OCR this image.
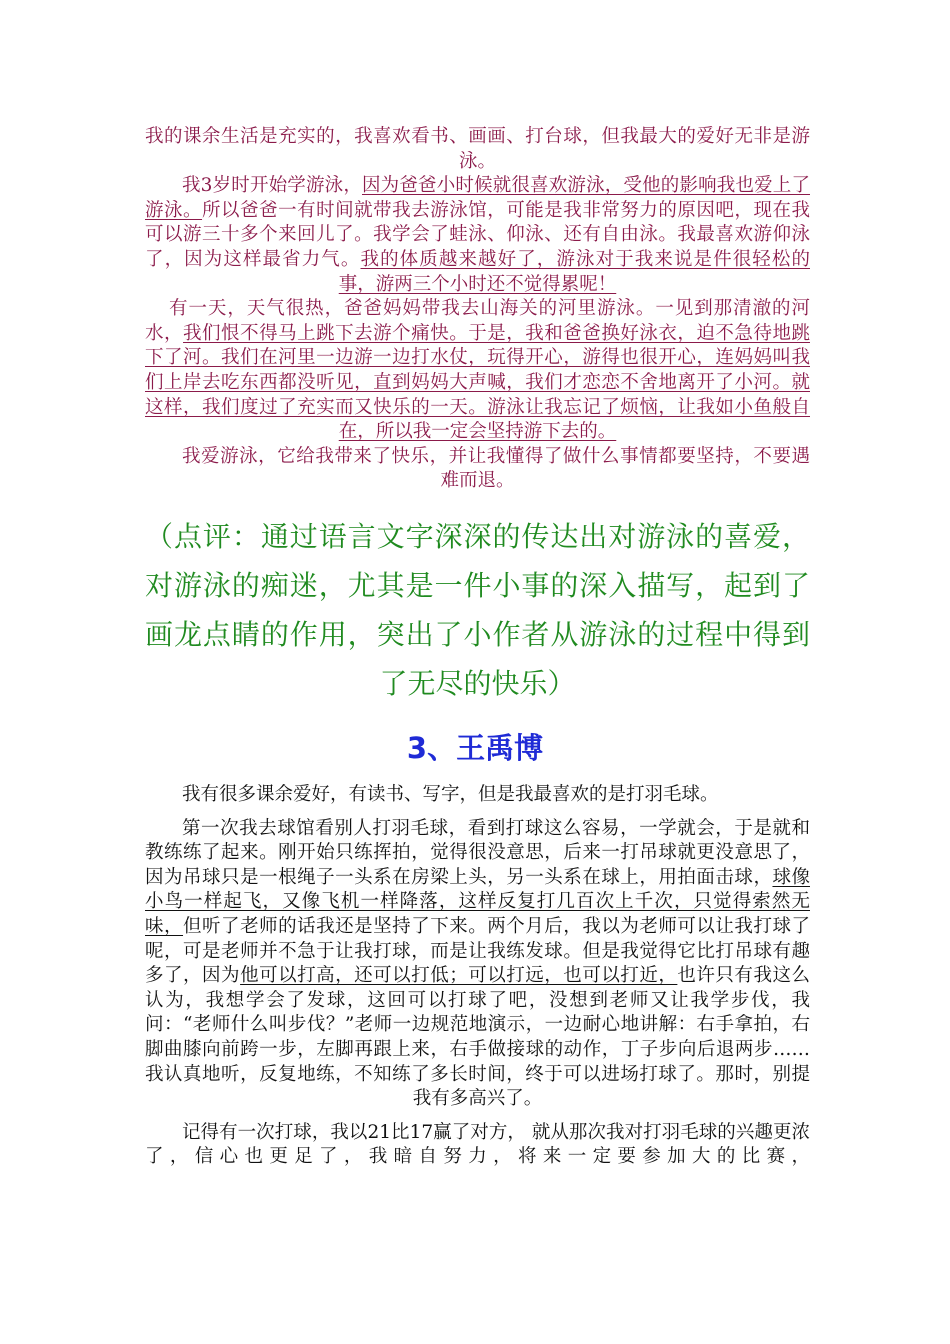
我的课余生活是充实的，我喜欢看书、画画、打台球，但我最大的爱好无非是游泳。

我3岁时开始学游泳，因为爸爸小时候就很喜欢游泳，受他的影响我也爱上了游泳。所以爸爸一有时间就带我去游泳馆，可能是我非常努力的原因吧，现在我可以游三十多个来回儿了。我学会了蛙泳、仰泳、还有自由泳。我最喜欢游仰泳了，因为这样最省力气。我的体质越来越好了，游泳对于我来说是件很轻松的事，游两三个小时还不觉得累呢！

有一天，天气很热，爸爸妈妈带我去山海关的河里游泳。一见到那清澈的河水，我们恨不得马上跳下去游个痛快。于是，我和爸爸换好泳衣，迫不急待地跳下了河。我们在河里一边游一边打水仗，玩得开心，游得也很开心，连妈妈叫我们上岸去吃东西都没听见，直到妈妈大声喊，我们才恋恋不舍地离开了小河。就这样，我们度过了充实而又快乐的一天。游泳让我忘记了烦恼，让我如小鱼般自在，所以我一定会坚持游下去的。

我爱游泳，它给我带来了快乐，并让我懂得了做什么事情都要坚持，不要遇难而退。

（点评：通过语言文字深深的传达出对游泳的喜爱，对游泳的痴迷，尤其是一件小事的深入描写，起到了画龙点睛的作用，突出了小作者从游泳的过程中得到了无尽的快乐）
3、王禹博

我有很多课余爱好，有读书、写字，但是我最喜欢的是打羽毛球。

第一次我去球馆看别人打羽毛球，看到打球这么容易，一学就会，于是就和教练练了起来。刚开始只练挥拍，觉得很没意思，后来一打吊球就更没意思了，因为吊球只是一根绳子一头系在房梁上头，另一头系在球上，用拍面击球，球像小鸟一样起飞，又像飞机一样降落，这样反复打几百次上千次，只觉得索然无味，但听了老师的话我还是坚持了下来。两个月后，我以为老师可以让我打球了呢，可是老师并不急于让我打球，而是让我练发球。但是我觉得它比打吊球有趣多了，因为他可以打高，还可以打低；可以打远，也可以打近，也许只有我这么认为，我想学会了发球，这回可以打球了吧，没想到老师又让我学步伐，我问：“老师什么叫步伐？”老师一边规范地演示，一边耐心地讲解：右手拿拍，右脚曲膝向前跨一步，左脚再跟上来，右手做接球的动作，丁子步向后退两步…… 我认真地听，反复地练，不知练了多长时间，终于可以进场打球了。那时，别提我有多高兴了。

记得有一次打球，我以21比17赢了对方， 就从那次我对打羽毛球的兴趣更浓了，信心也更足了，我暗自努力，将来一定要参加大的比赛，
